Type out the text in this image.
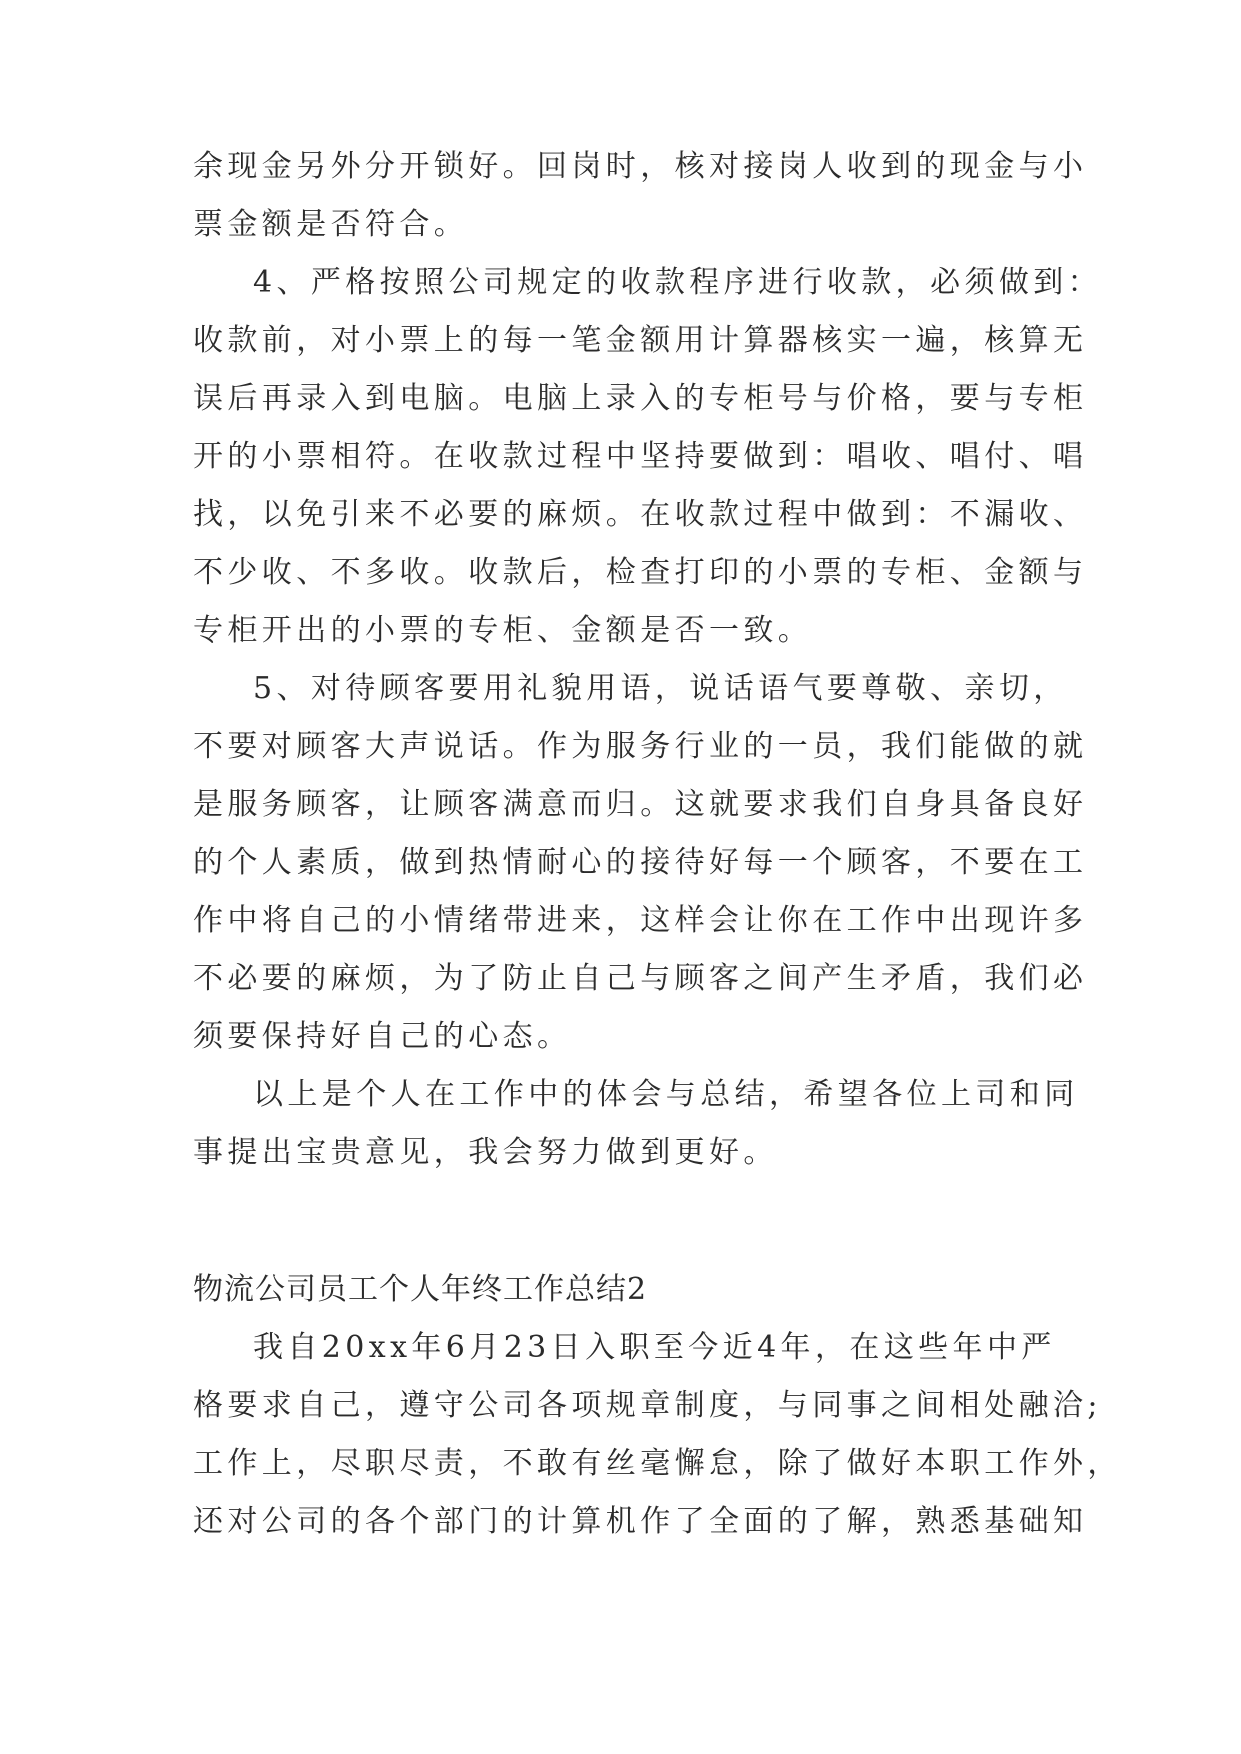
余现金另外分开锁好。回岗时，核对接岗人收到的现金与小
票金额是否符合。
4、严格按照公司规定的收款程序进行收款，必须做到：
收款前，对小票上的每一笔金额用计算器核实一遍，核算无
误后再录入到电脑。电脑上录入的专柜号与价格，要与专柜
开的小票相符。在收款过程中坚持要做到：唱收、唱付、唱
找，以免引来不必要的麻烦。在收款过程中做到：不漏收、
不少收、不多收。收款后，检查打印的小票的专柜、金额与
专柜开出的小票的专柜、金额是否一致。
5、对待顾客要用礼貌用语，说话语气要尊敬、亲切，
不要对顾客大声说话。作为服务行业的一员，我们能做的就
是服务顾客，让顾客满意而归。这就要求我们自身具备良好
的个人素质，做到热情耐心的接待好每一个顾客，不要在工
作中将自己的小情绪带进来，这样会让你在工作中出现许多
不必要的麻烦，为了防止自己与顾客之间产生矛盾，我们必
须要保持好自己的心态。
以上是个人在工作中的体会与总结，希望各位上司和同
事提出宝贵意见，我会努力做到更好。
物流公司员工个人年终工作总结2
我自20xx年6月23日入职至今近4年，在这些年中严
格要求自己，遵守公司各项规章制度，与同事之间相处融洽;
工作上，尽职尽责，不敢有丝毫懈怠，除了做好本职工作外，
还对公司的各个部门的计算机作了全面的了解，熟悉基础知
